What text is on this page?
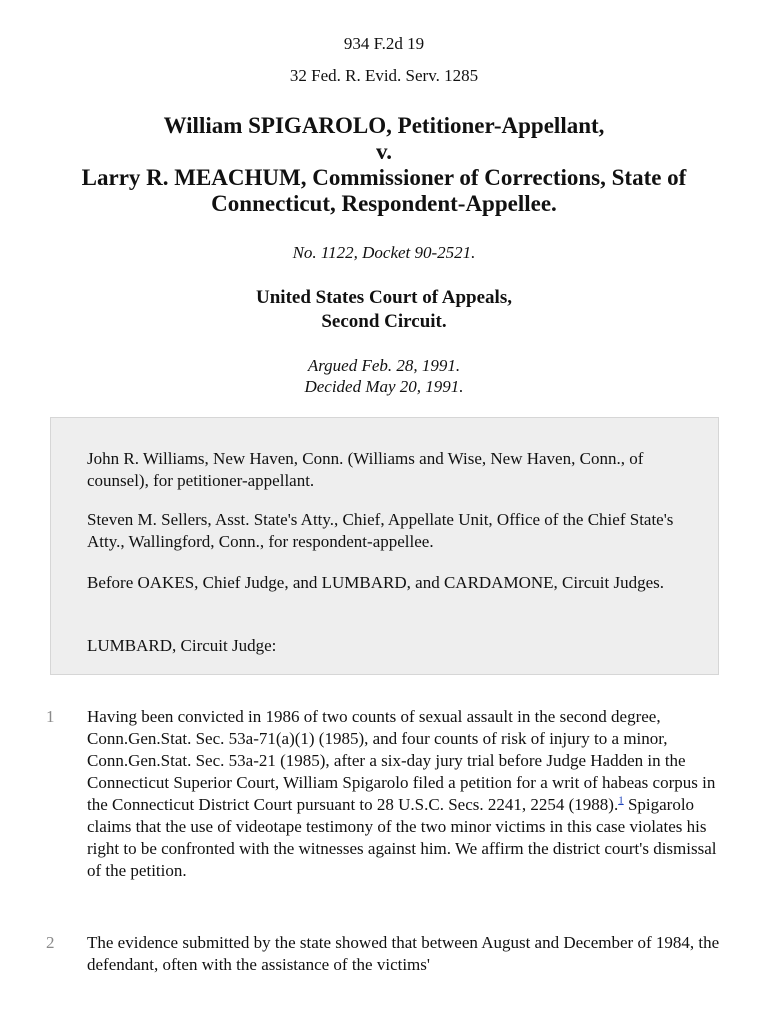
934 F.2d 19
32 Fed. R. Evid. Serv. 1285
William SPIGAROLO, Petitioner-Appellant,
v.
Larry R. MEACHUM, Commissioner of Corrections, State of
Connecticut, Respondent-Appellee.
No. 1122, Docket 90-2521.
United States Court of Appeals,
Second Circuit.
Argued Feb. 28, 1991.
Decided May 20, 1991.

John R. Williams, New Haven, Conn. (Williams and Wise, New Haven, Conn., of counsel), for petitioner-appellant.

Steven M. Sellers, Asst. State's Atty., Chief, Appellate Unit, Office of the Chief State's Atty., Wallingford, Conn., for respondent-appellee.

Before OAKES, Chief Judge, and LUMBARD, and CARDAMONE, Circuit Judges.

LUMBARD, Circuit Judge:

1 Having been convicted in 1986 of two counts of sexual assault in the second degree, Conn.Gen.Stat. Sec. 53a-71(a)(1) (1985), and four counts of risk of injury to a minor, Conn.Gen.Stat. Sec. 53a-21 (1985), after a six-day jury trial before Judge Hadden in the Connecticut Superior Court, William Spigarolo filed a petition for a writ of habeas corpus in the Connecticut District Court pursuant to 28 U.S.C. Secs. 2241, 2254 (1988).$^1$ Spigarolo claims that the use of videotape testimony of the two minor victims in this case violates his right to be confronted with the witnesses against him. We affirm the district court's dismissal of the petition.

2 The evidence submitted by the state showed that between August and December of 1984, the defendant, often with the assistance of the victims'
